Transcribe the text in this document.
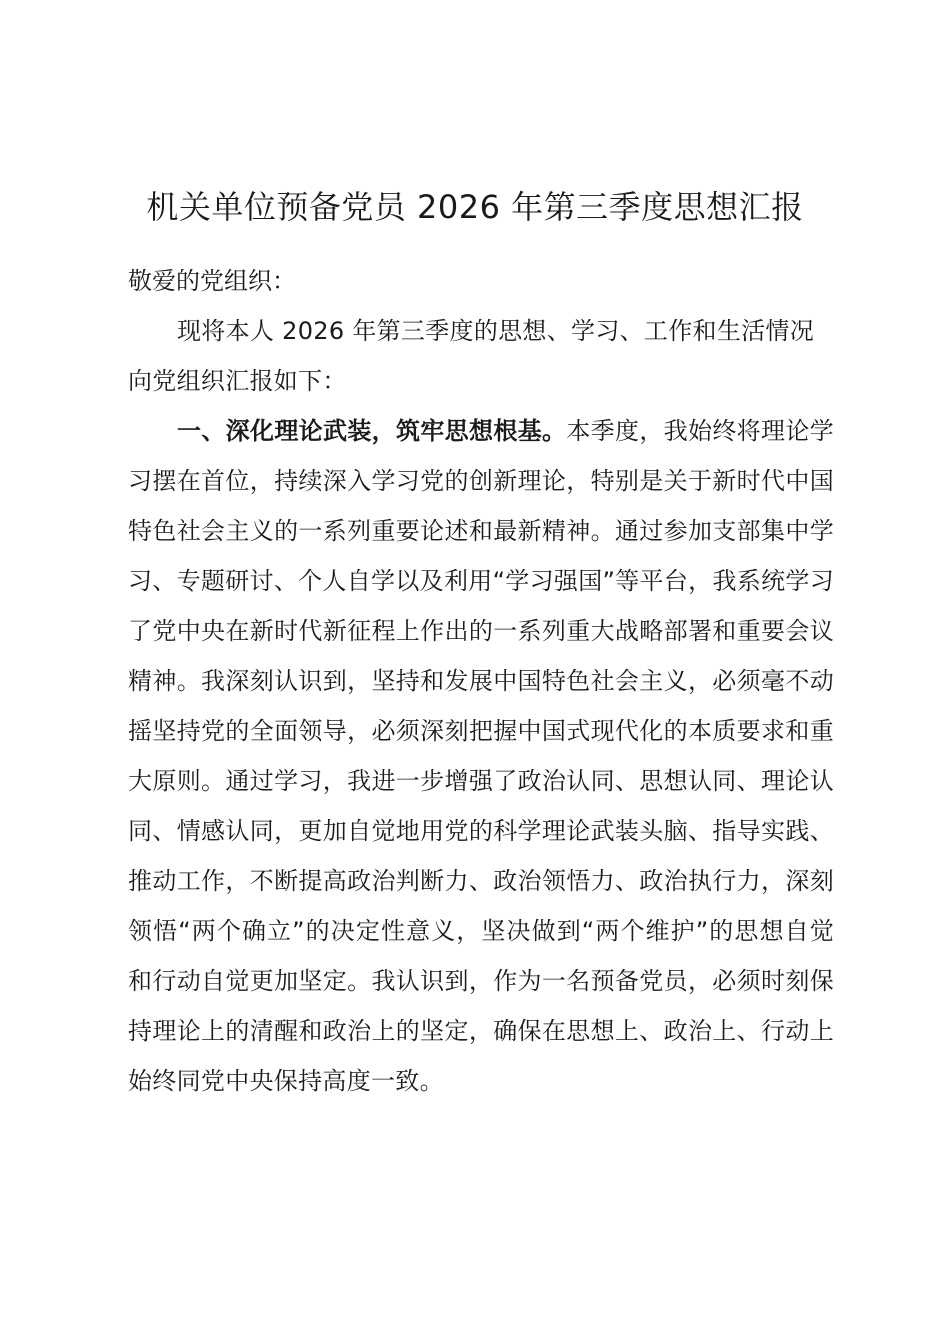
机关单位预备党员 2026 年第三季度思想汇报
敬爱的党组织：
现将本人 2026 年第三季度的思想、学习、工作和生活情况向党组织汇报如下：
一、深化理论武装，筑牢思想根基。本季度，我始终将理论学习摆在首位，持续深入学习党的创新理论，特别是关于新时代中国特色社会主义的一系列重要论述和最新精神。通过参加支部集中学习、专题研讨、个人自学以及利用“学习强国”等平台，我系统学习了党中央在新时代新征程上作出的一系列重大战略部署和重要会议精神。我深刻认识到，坚持和发展中国特色社会主义，必须毫不动摇坚持党的全面领导，必须深刻把握中国式现代化的本质要求和重大原则。通过学习，我进一步增强了政治认同、思想认同、理论认同、情感认同，更加自觉地用党的科学理论武装头脑、指导实践、推动工作，不断提高政治判断力、政治领悟力、政治执行力，深刻领悟“两个确立”的决定性意义，坚决做到“两个维护”的思想自觉和行动自觉更加坚定。我认识到，作为一名预备党员，必须时刻保持理论上的清醒和政治上的坚定，确保在思想上、政治上、行动上始终同党中央保持高度一致。
